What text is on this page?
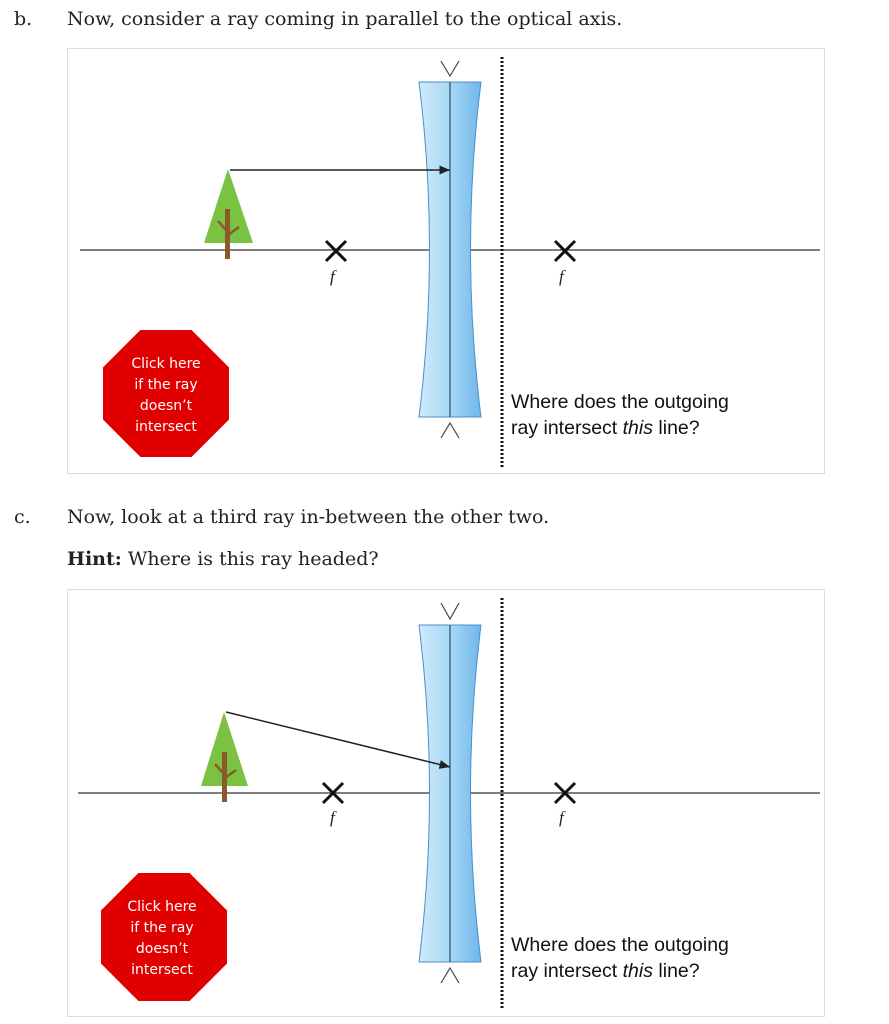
b. Now, consider a ray coming in parallel to the optical axis.
f	f
Click here
if the ray
doesn’t
intersect
Where does the outgoing
ray intersect this line?
c. Now, look at a third ray in-between the other two.
Hint: Where is this ray headed?
f	f
Click here
if the ray
doesn’t
intersect
Where does the outgoing
ray intersect this line?
